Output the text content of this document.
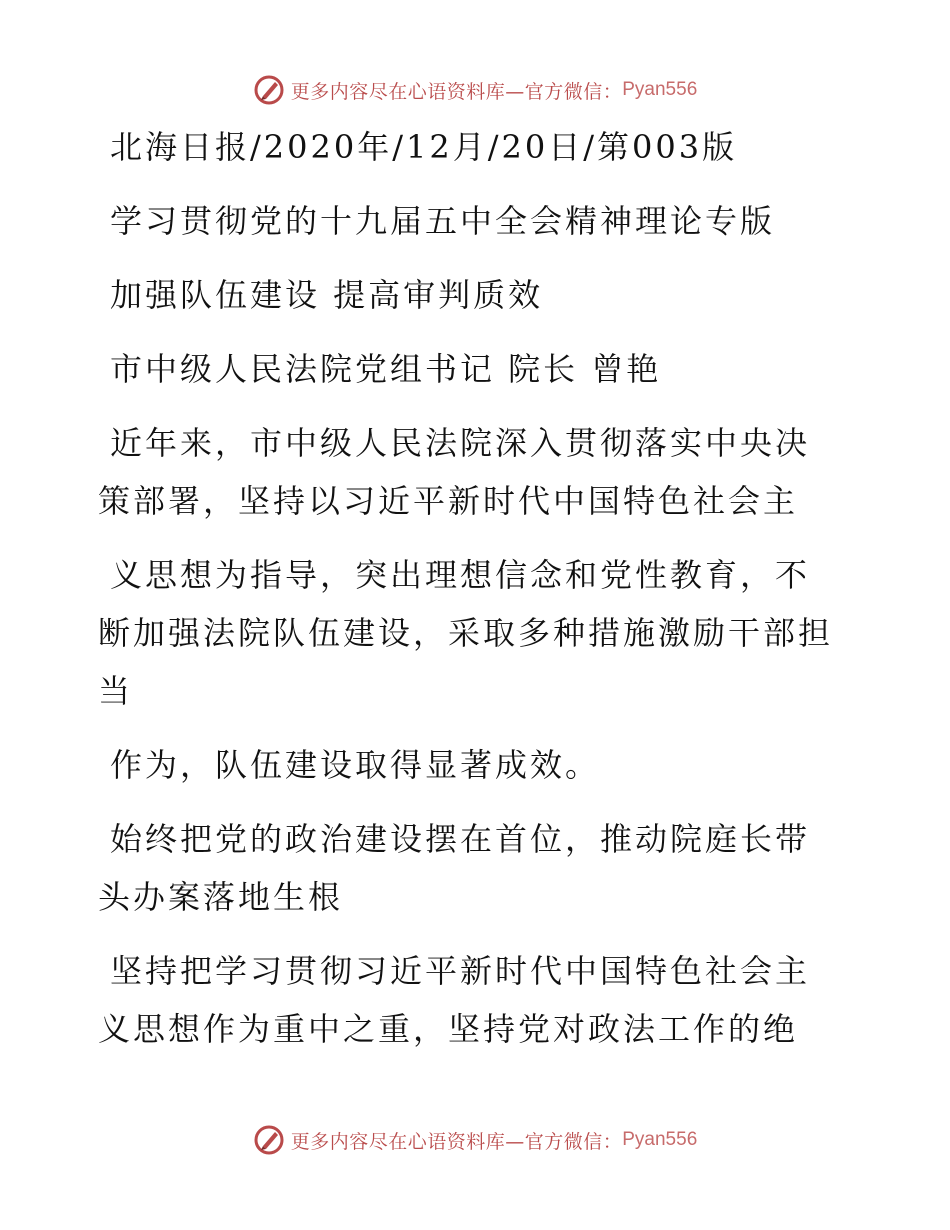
更多内容尽在心语资料库—官方微信： Pyan556

北海日报/2020年/12月/20日/第003版

学习贯彻党的十九届五中全会精神理论专版

加强队伍建设 提高审判质效

市中级人民法院党组书记 院长 曾艳

近年来，市中级人民法院深入贯彻落实中央决策部署，坚持以习近平新时代中国特色社会主

义思想为指导，突出理想信念和党性教育，不断加强法院队伍建设，采取多种措施激励干部担当

作为，队伍建设取得显著成效。

始终把党的政治建设摆在首位，推动院庭长带头办案落地生根

坚持把学习贯彻习近平新时代中国特色社会主义思想作为重中之重，坚持党对政法工作的绝

更多内容尽在心语资料库—官方微信： Pyan556
